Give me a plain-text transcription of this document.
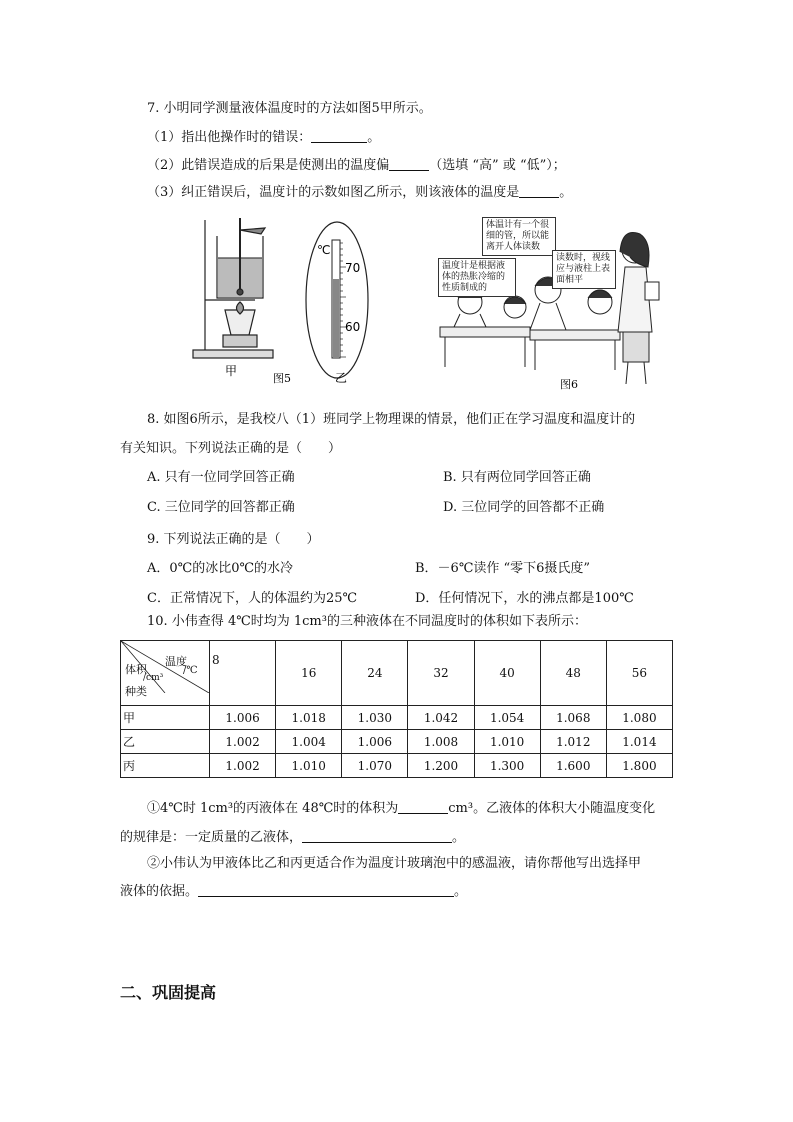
7. 小明同学测量液体温度时的方法如图5甲所示。
（1）指出他操作时的错误：	。
（2）此错误造成的后果是使测出的温度偏	（选填 “高” 或 “低”）；
（3）纠正错误后，温度计的示数如图乙所示，则该液体的温度是	。
甲
图5
℃
70
60
乙	图6
体温计有一个很细的管，所以能离开人体读数
温度计是根据液体的热胀冷缩的性质制成的
读数时，视线应与液柱上表面相平
8. 如图6所示，是我校八（1）班同学上物理课的情景，他们正在学习温度和温度计的
有关知识。下列说法正确的是（　　）
A. 只有一位同学回答正确	B. 只有两位同学回答正确
C. 三位同学的回答都正确	D. 三位同学的回答都不正确
9. 下列说法正确的是（　　）
A．0℃的冰比0℃的水冷	B．－6℃读作 “零下6摄氏度”
C．正常情况下，人的体温约为25℃	D．任何情况下，水的沸点都是100℃
10. 小伟查得 4℃时均为 1cm³的三种液体在不同温度时的体积如下表所示：
温度
/℃
体积
/cm³
种类	8	16	24	32	40	48	56
甲	1.006	1.018	1.030	1.042	1.054	1.068	1.080
乙	1.002	1.004	1.006	1.008	1.010	1.012	1.014
丙	1.002	1.010	1.070	1.200	1.300	1.600	1.800
①4℃时 1cm³的丙液体在 48℃时的体积为	cm³。乙液体的体积大小随温度变化
的规律是：一定质量的乙液体，	。
②小伟认为甲液体比乙和丙更适合作为温度计玻璃泡中的感温液，请你帮他写出选择甲
液体的依据。	。
二、巩固提高
